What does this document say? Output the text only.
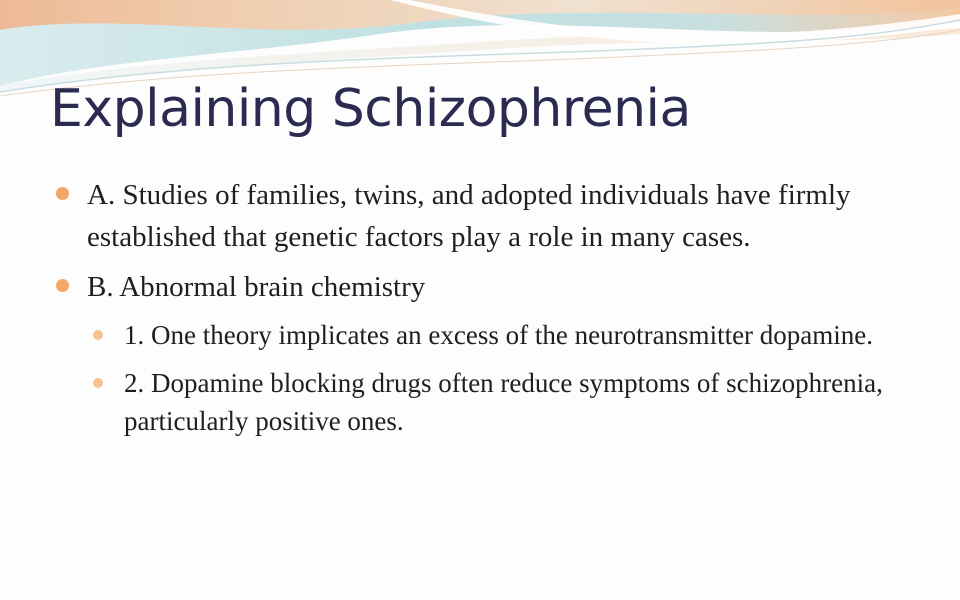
Explaining Schizophrenia
A. Studies of families, twins, and adopted individuals have firmly established that genetic factors play a role in many cases.
B. Abnormal brain chemistry
1. One theory implicates an excess of the neurotransmitter dopamine.
2. Dopamine blocking drugs often reduce symptoms of schizophrenia, particularly positive ones.
